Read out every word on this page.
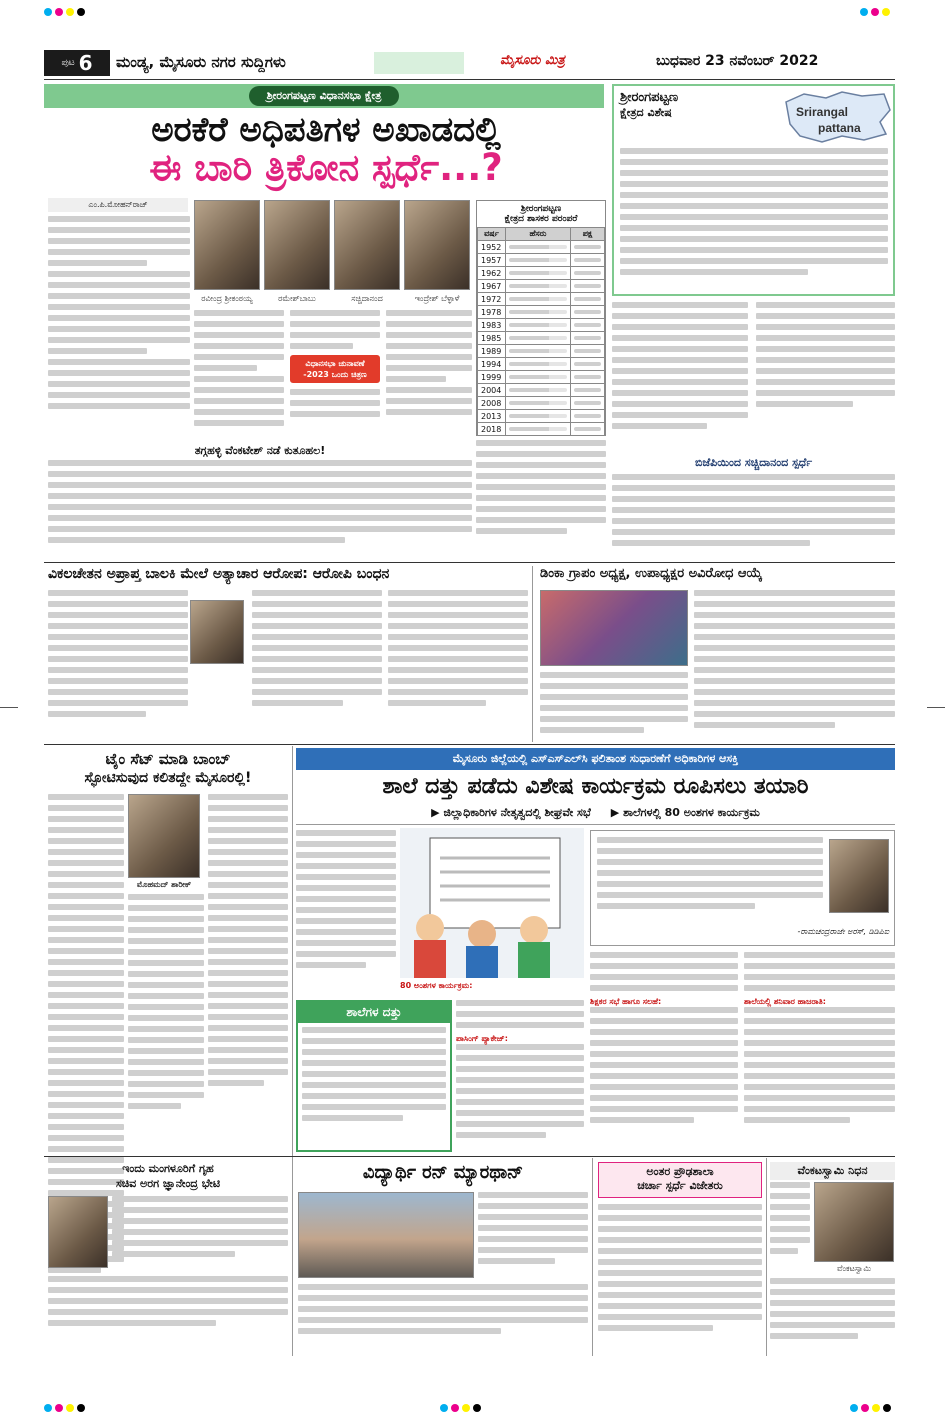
ಪುಟ 6 ಮಂಡ್ಯ, ಮೈಸೂರು ನಗರ ಸುದ್ದಿಗಳು	ಮೈಸೂರು ಮಿತ್ರ	ಬುಧವಾರ 23 ನವೆಂಬರ್ 2022
ಶ್ರೀರಂಗಪಟ್ಟಣ ವಿಧಾನಸಭಾ ಕ್ಷೇತ್ರ
ಅರಕೆರೆ ಅಧಿಪತಿಗಳ ಅಖಾಡದಲ್ಲಿ
ಈ ಬಾರಿ ತ್ರಿಕೋನ ಸ್ಪರ್ಧೆ...?
ಎಂ.ಪಿ.ಮೋಹನ್‌ರಾಜ್
ರವೀಂದ್ರ ಶ್ರೀಕಂಠಯ್ಯ	ರಮೇಶ್‌ಬಾಬು	ಸಚ್ಚಿದಾನಂದ	ಇಂದ್ರೇಶ್ ಬೆಳ್ಳಾಳೆ
ವಿಧಾನಸಭಾ ಚುನಾವಣೆ -2023 ಒಂದು ಚಿತ್ರಣ
ತಗ್ಗಹಳ್ಳಿ ವೆಂಕಟೇಶ್ ನಡೆ ಕುತೂಹಲ!
ಶ್ರೀರಂಗಪಟ್ಟಣ
ಕ್ಷೇತ್ರದ ಶಾಸಕರ ಪರಂಪರೆ
ವರ್ಷ	ಹೆಸರು	ಪಕ್ಷ
1952	

1957	

1962	

1967	

1972	

1978	

1983	

1985	

1989	

1994	

1999	

2004	

2008	

2013	

2018	

ಶ್ರೀರಂಗಪಟ್ಟಣ
ಕ್ಷೇತ್ರದ ವಿಶೇಷ	Srirangal
pattana
ಬಿಜೆಪಿಯಿಂದ ಸಚ್ಚಿದಾನಂದ ಸ್ಪರ್ಧೆ
ವಿಕಲಚೇತನ ಅಪ್ರಾಪ್ತ ಬಾಲಕಿ ಮೇಲೆ ಅತ್ಯಾಚಾರ ಆರೋಪ: ಆರೋಪಿ ಬಂಧನ	ಡಿಂಕಾ ಗ್ರಾಪಂ ಅಧ್ಯಕ್ಷ, ಉಪಾಧ್ಯಕ್ಷರ ಅವಿರೋಧ ಆಯ್ಕೆ
ಟೈಂ ಸೆಟ್ ಮಾಡಿ ಬಾಂಬ್
ಸ್ಫೋಟಿಸುವುದ ಕಲಿತದ್ದೇ ಮೈಸೂರಲ್ಲಿ!
ಮೊಹಮದ್ ಶಾರೀಕ್
ಮೈಸೂರು ಜಿಲ್ಲೆಯಲ್ಲಿ ಎಸ್ಎಸ್ಎಲ್‌ಸಿ ಫಲಿತಾಂಶ ಸುಧಾರಣೆಗೆ ಅಧಿಕಾರಿಗಳ ಆಸಕ್ತಿ
ಶಾಲೆ ದತ್ತು ಪಡೆದು ವಿಶೇಷ ಕಾರ್ಯಕ್ರಮ ರೂಪಿಸಲು ತಯಾರಿ
▶ ಜಿಲ್ಲಾಧಿಕಾರಿಗಳ ನೇತೃತ್ವದಲ್ಲಿ ಶೀಘ್ರವೇ ಸಭೆ ▶ ಶಾಲೆಗಳಲ್ಲಿ 80 ಅಂಶಗಳ ಕಾರ್ಯಕ್ರಮ
80 ಅಂಶಗಳ ಕಾರ್ಯಕ್ರಮ:
-ರಾಮಚಂದ್ರರಾಜೇ ಅರಸ್, ಡಿಡಿಪಿಐ
ಶಿಕ್ಷಕರ ಸಭೆ ಹಾಗೂ ಸಲಹೆ:	ಶಾಲೆಯಲ್ಲಿ ಶನಿವಾರ ಹಾಜರಾತಿ:
ಶಾಲೆಗಳ ದತ್ತು
ಪಾಸಿಂಗ್ ಪ್ಯಾಕೇಜ್:
ಇಂದು ಮಂಗಳೂರಿಗೆ ಗೃಹ
ಸಚಿವ ಅರಗ ಜ್ಞಾನೇಂದ್ರ ಭೇಟಿ
ವಿದ್ಯಾರ್ಥಿ ರನ್ ಮ್ಯಾರಥಾನ್	ಅಂತರ ಪ್ರೌಢಶಾಲಾ
ಚರ್ಚಾ ಸ್ಪರ್ಧೆ ವಿಜೇತರು
ವೆಂಕಟಸ್ವಾಮಿ ನಿಧನ
ವೆಂಕಟಸ್ವಾಮಿ
